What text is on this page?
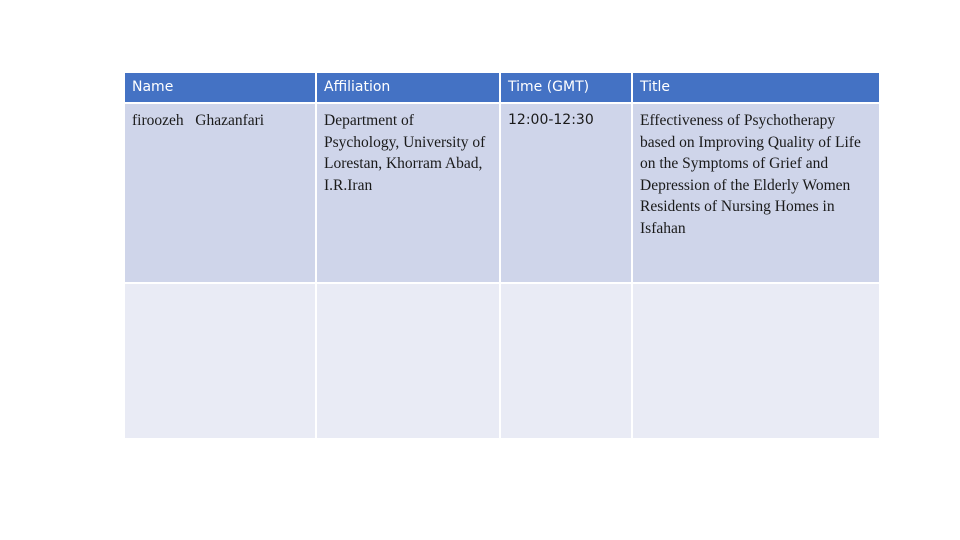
Name	Affiliation	Time (GMT)	Title
firoozeh   Ghazanfari	Department of Psychology, University of Lorestan, Khorram Abad, I.R.Iran	12:00-12:30	Effectiveness of Psychotherapy based on Improving Quality of Life on the Symptoms of Grief and Depression of the Elderly Women Residents of Nursing Homes in Isfahan
